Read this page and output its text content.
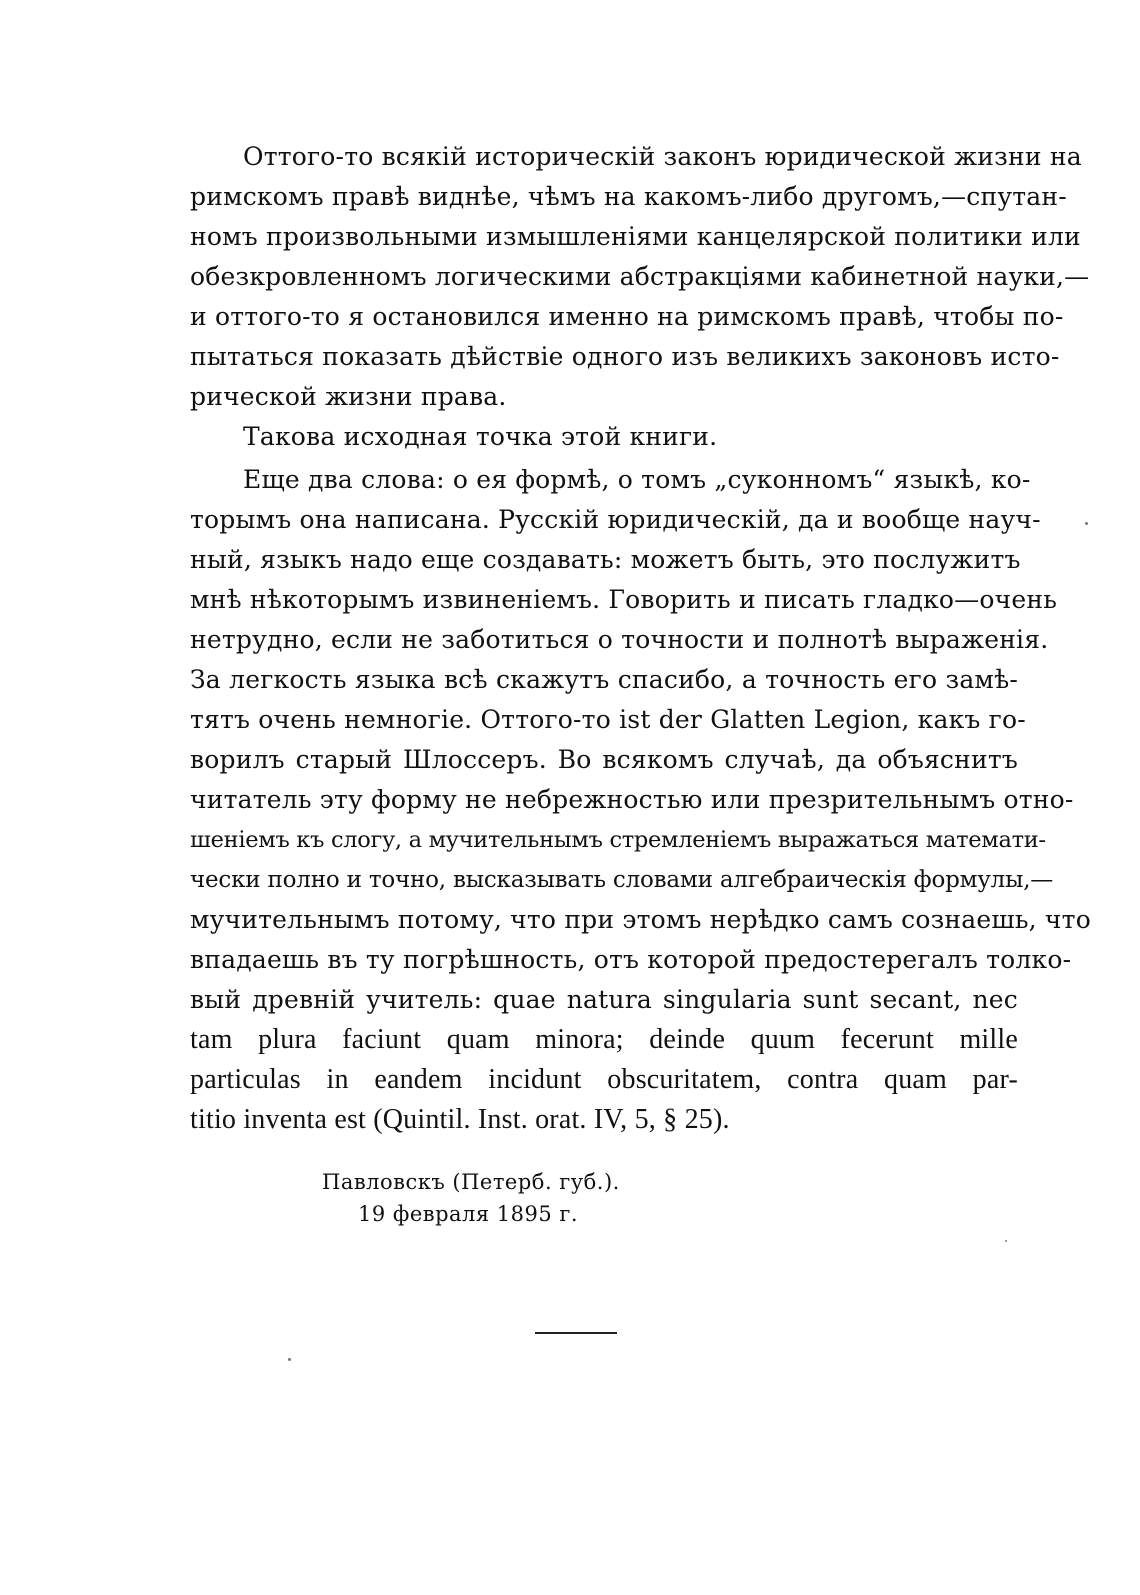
Оттого-то всякій историческій законъ юридической жизни на
римскомъ правѣ виднѣе, чѣмъ на какомъ-либо другомъ,—спутан-
номъ произвольными измышленіями канцелярской политики или
обезкровленномъ логическими абстракціями кабинетной науки,—
и оттого-то я остановился именно на римскомъ правѣ, чтобы по-
пытаться показать дѣйствіе одного изъ великихъ законовъ исто-
рической жизни права.
Такова исходная точка этой книги.
Еще два слова: о ея формѣ, о томъ „суконномъ“ языкѣ, ко-
торымъ она написана. Русскій юридическій, да и вообще науч-
ный, языкъ надо еще создавать: можетъ быть, это послужитъ
мнѣ нѣкоторымъ извиненіемъ. Говорить и писать гладко—очень
нетрудно, если не заботиться о точности и полнотѣ выраженія.
За легкость языка всѣ скажутъ спасибо, а точность его замѣ-
тятъ очень немногіе. Оттого-то ist der Glatten Legion, какъ го-
ворилъ старый Шлоссеръ. Во всякомъ случаѣ, да объяснитъ
читатель эту форму не небрежностью или презрительнымъ отно-
шеніемъ къ слогу, а мучительнымъ стремленіемъ выражаться математи-
чески полно и точно, высказывать словами алгебраическія формулы,—
мучительнымъ потому, что при этомъ нерѣдко самъ сознаешь, что
впадаешь въ ту погрѣшность, отъ которой предостерегалъ толко-
вый древній учитель: quae natura singularia sunt secant, nec
tam plura faciunt quam minora; deinde quum fecerunt mille
particulas in eandem incidunt obscuritatem, contra quam par-
titio inventa est (Quintil. Inst. orat. IV, 5, § 25).
Павловскъ (Петерб. губ.).
19 февраля 1895 г.
